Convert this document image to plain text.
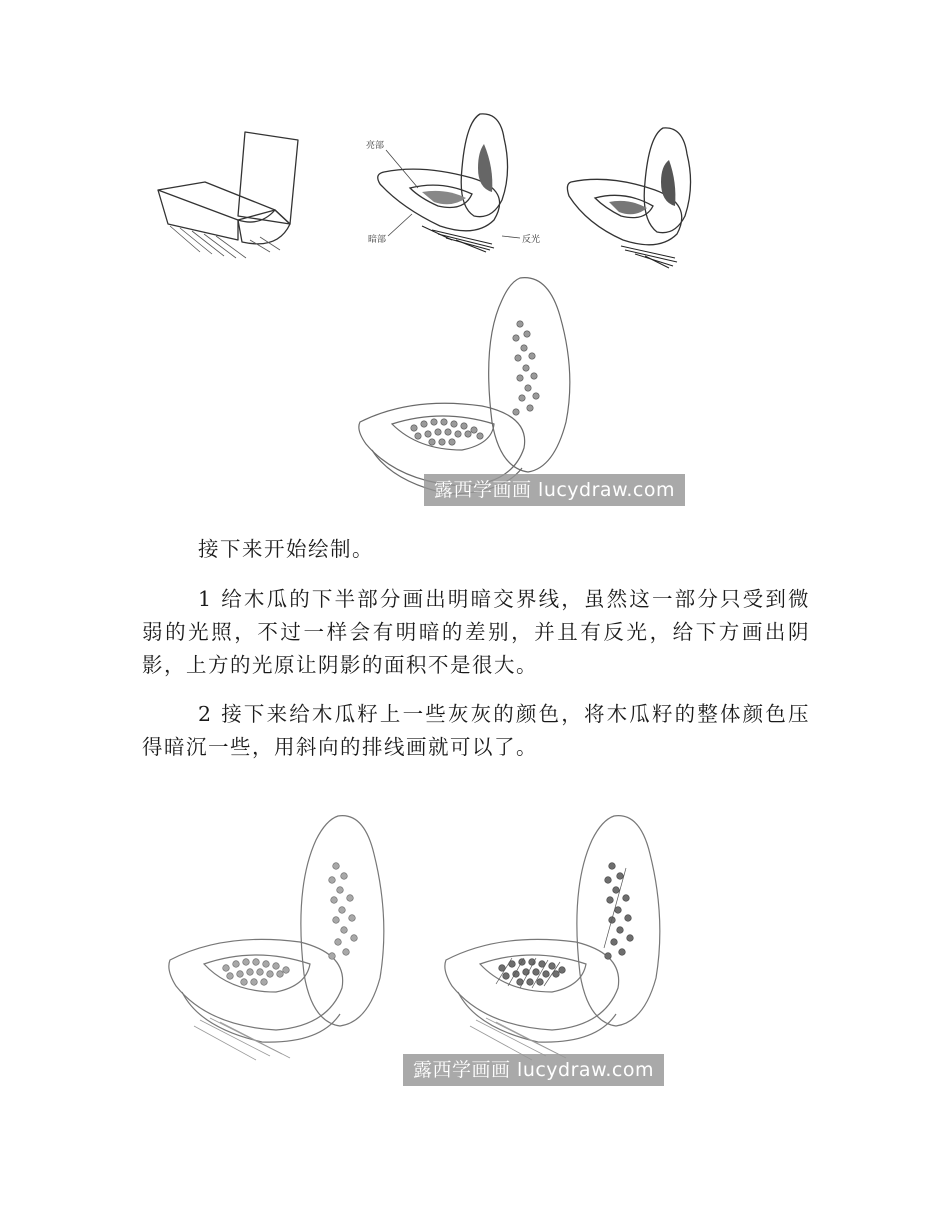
亮部
暗部	反光
露西学画画 lucydraw.com

接下来开始绘制。

1 给木瓜的下半部分画出明暗交界线，虽然这一部分只受到微弱的光照，不过一样会有明暗的差别，并且有反光，给下方画出阴影，上方的光原让阴影的面积不是很大。

2 接下来给木瓜籽上一些灰灰的颜色，将木瓜籽的整体颜色压得暗沉一些，用斜向的排线画就可以了。

露西学画画 lucydraw.com
